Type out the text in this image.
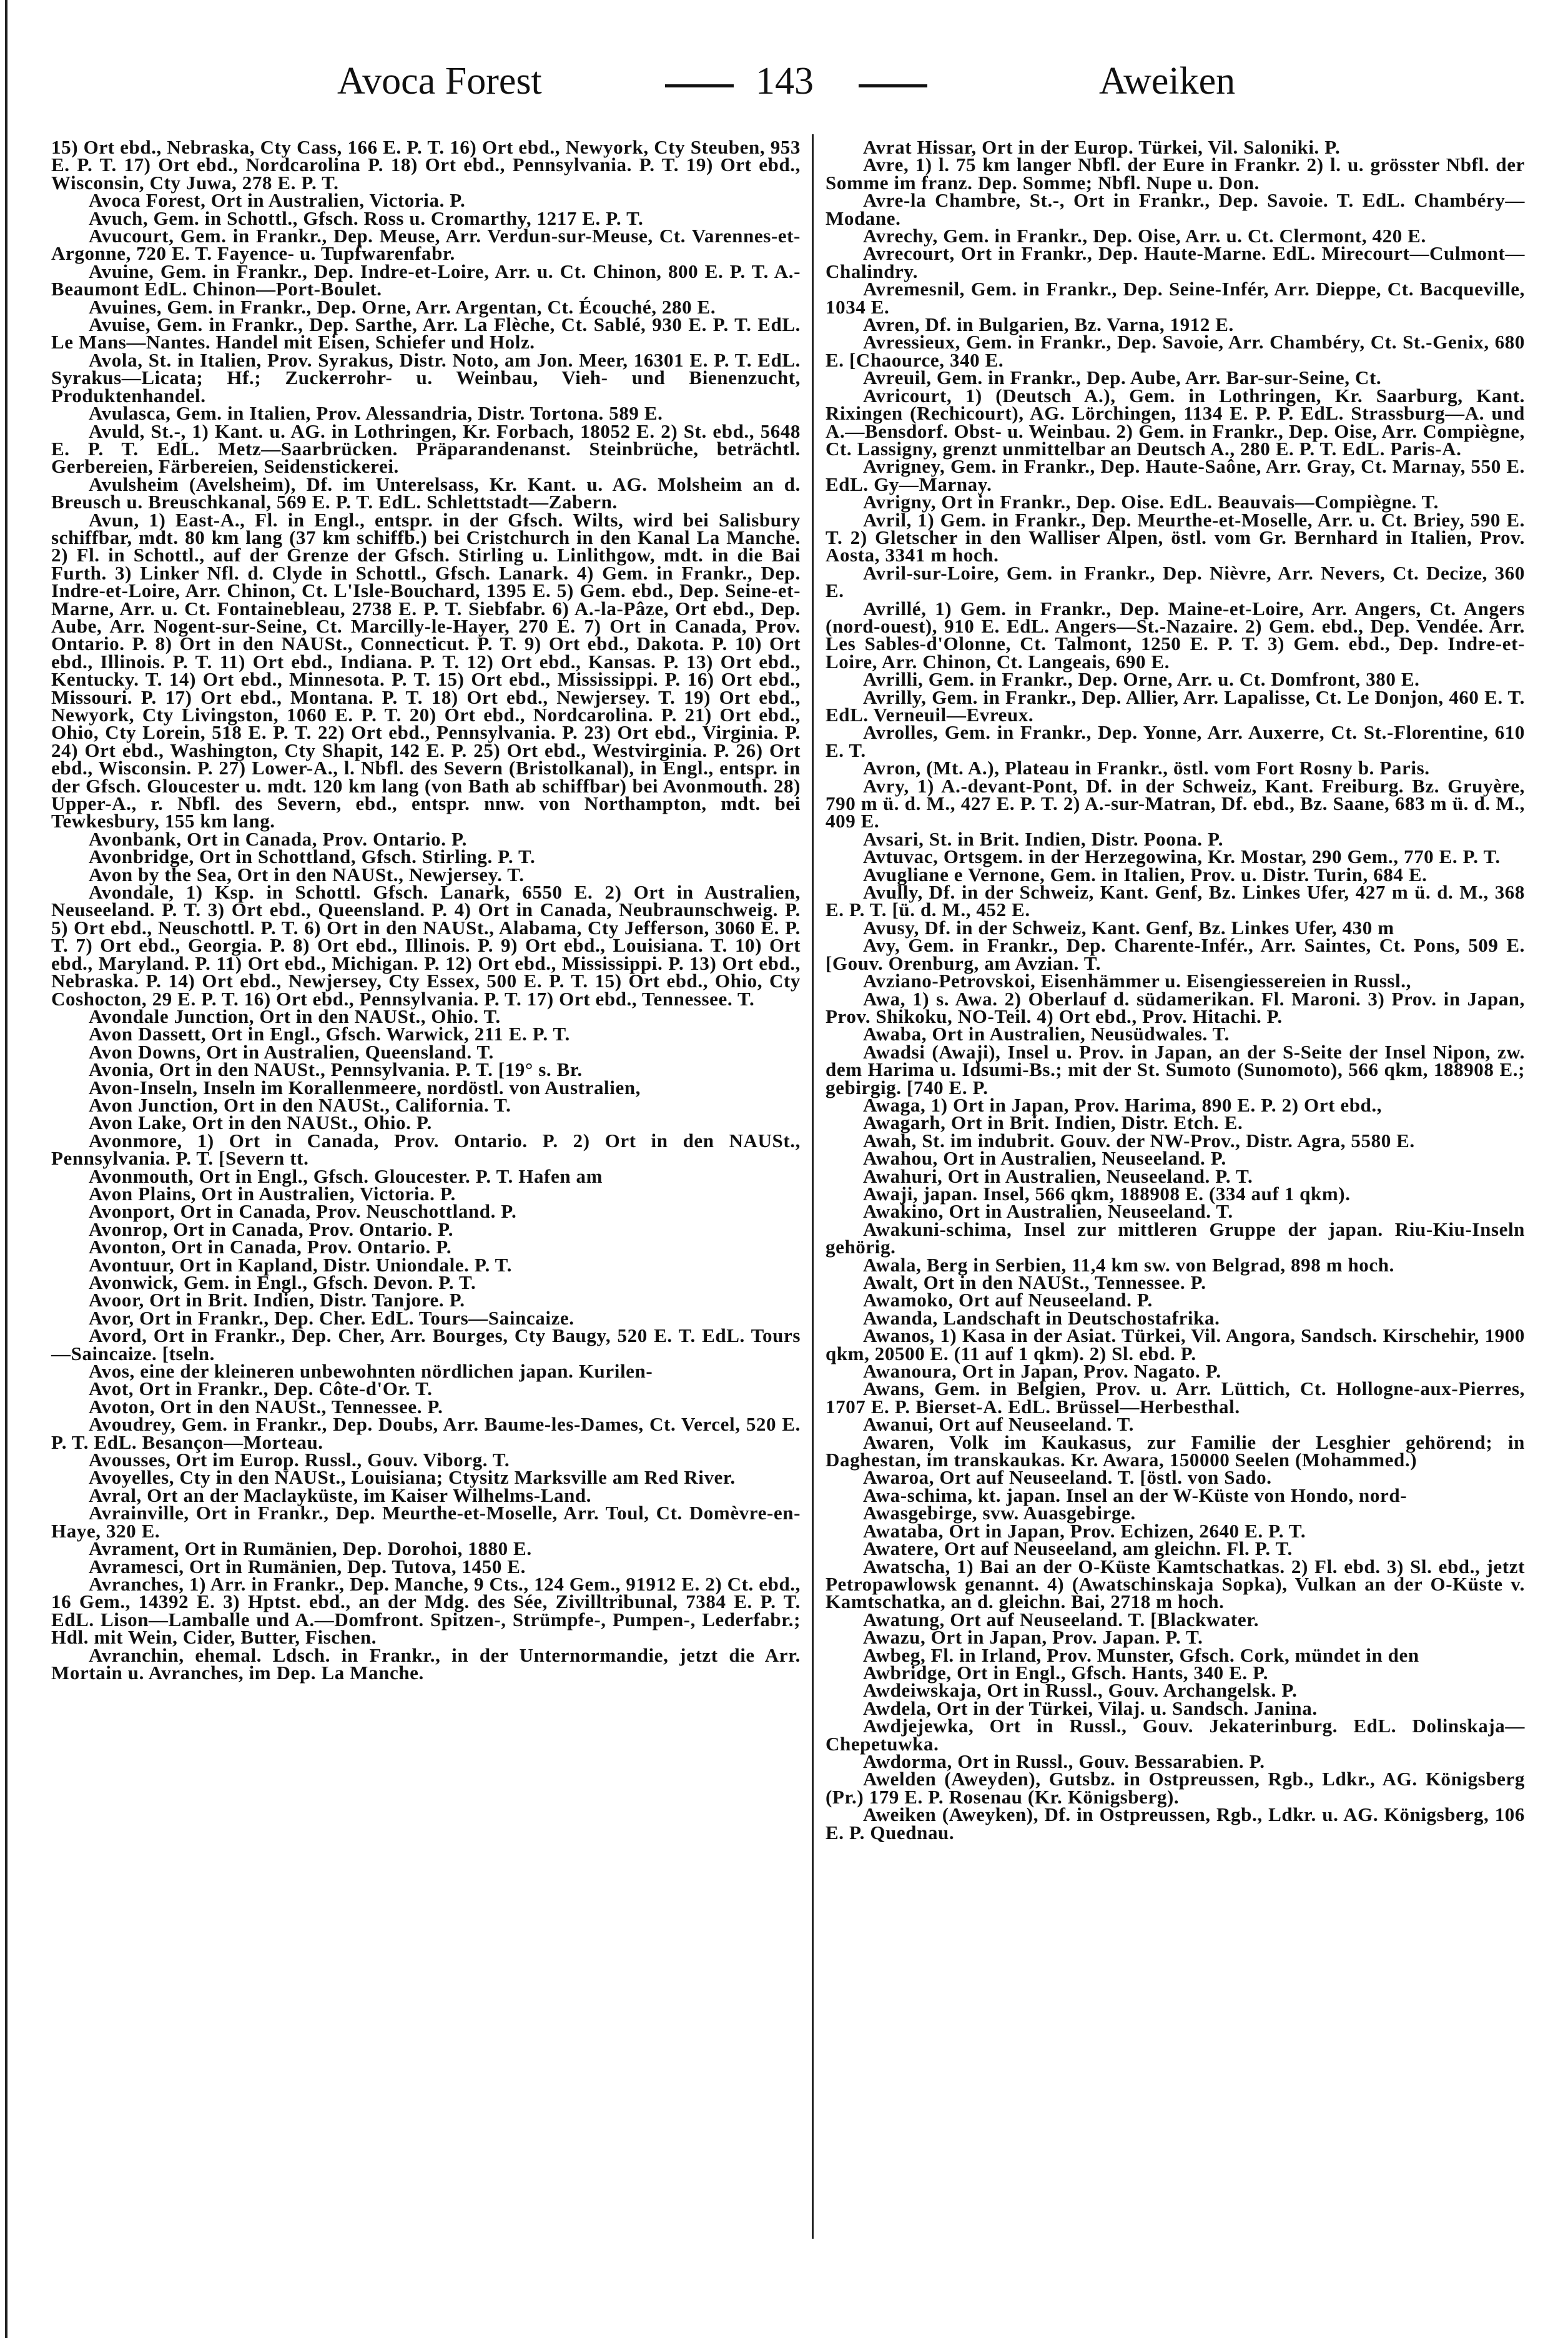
Avoca Forest	143	Aweiken

15) Ort ebd., Nebraska, Cty Cass, 166 E. P. T. 16) Ort ebd., Newyork, Cty Steuben, 953 E. P. T. 17) Ort ebd., Nordcarolina P. 18) Ort ebd., Pennsylvania. P. T. 19) Ort ebd., Wisconsin, Cty Juwa, 278 E. P. T.

Avoca Forest, Ort in Australien, Victoria. P.

Avuch, Gem. in Schottl., Gfsch. Ross u. Cromarthy, 1217 E. P. T.

Avucourt, Gem. in Frankr., Dep. Meuse, Arr. Verdun-sur-Meuse, Ct. Varennes-et-Argonne, 720 E. T. Fayence- u. Tupfwarenfabr.

Avuine, Gem. in Frankr., Dep. Indre-et-Loire, Arr. u. Ct. Chinon, 800 E. P. T. A.-Beaumont EdL. Chinon—Port-Boulet.

Avuines, Gem. in Frankr., Dep. Orne, Arr. Argentan, Ct. Écouché, 280 E.

Avuise, Gem. in Frankr., Dep. Sarthe, Arr. La Flèche, Ct. Sablé, 930 E. P. T. EdL. Le Mans—Nantes. Handel mit Eisen, Schiefer und Holz.

Avola, St. in Italien, Prov. Syrakus, Distr. Noto, am Jon. Meer, 16301 E. P. T. EdL. Syrakus—Licata; Hf.; Zuckerrohr- u. Weinbau, Vieh- und Bienenzucht, Produktenhandel.

Avulasca, Gem. in Italien, Prov. Alessandria, Distr. Tortona. 589 E.

Avuld, St.-, 1) Kant. u. AG. in Lothringen, Kr. Forbach, 18052 E. 2) St. ebd., 5648 E. P. T. EdL. Metz—Saarbrücken. Präparandenanst. Steinbrüche, beträchtl. Gerbereien, Färbereien, Seidenstickerei.

Avulsheim (Avelsheim), Df. im Unterelsass, Kr. Kant. u. AG. Molsheim an d. Breusch u. Breuschkanal, 569 E. P. T. EdL. Schlettstadt—Zabern.

Avun, 1) East-A., Fl. in Engl., entspr. in der Gfsch. Wilts, wird bei Salisbury schiffbar, mdt. 80 km lang (37 km schiffb.) bei Cristchurch in den Kanal La Manche. 2) Fl. in Schottl., auf der Grenze der Gfsch. Stirling u. Linlithgow, mdt. in die Bai Furth. 3) Linker Nfl. d. Clyde in Schottl., Gfsch. Lanark. 4) Gem. in Frankr., Dep. Indre-et-Loire, Arr. Chinon, Ct. L'Isle-Bouchard, 1395 E. 5) Gem. ebd., Dep. Seine-et-Marne, Arr. u. Ct. Fontainebleau, 2738 E. P. T. Siebfabr. 6) A.-la-Pâze, Ort ebd., Dep. Aube, Arr. Nogent-sur-Seine, Ct. Marcilly-le-Hayer, 270 E. 7) Ort in Canada, Prov. Ontario. P. 8) Ort in den NAUSt., Connecticut. P. T. 9) Ort ebd., Dakota. P. 10) Ort ebd., Illinois. P. T. 11) Ort ebd., Indiana. P. T. 12) Ort ebd., Kansas. P. 13) Ort ebd., Kentucky. T. 14) Ort ebd., Minnesota. P. T. 15) Ort ebd., Mississippi. P. 16) Ort ebd., Missouri. P. 17) Ort ebd., Montana. P. T. 18) Ort ebd., Newjersey. T. 19) Ort ebd., Newyork, Cty Livingston, 1060 E. P. T. 20) Ort ebd., Nordcarolina. P. 21) Ort ebd., Ohio, Cty Lorein, 518 E. P. T. 22) Ort ebd., Pennsylvania. P. 23) Ort ebd., Virginia. P. 24) Ort ebd., Washington, Cty Shapit, 142 E. P. 25) Ort ebd., Westvirginia. P. 26) Ort ebd., Wisconsin. P. 27) Lower-A., l. Nbfl. des Severn (Bristolkanal), in Engl., entspr. in der Gfsch. Gloucester u. mdt. 120 km lang (von Bath ab schiffbar) bei Avonmouth. 28) Upper-A., r. Nbfl. des Severn, ebd., entspr. nnw. von Northampton, mdt. bei Tewkesbury, 155 km lang.

Avonbank, Ort in Canada, Prov. Ontario. P.

Avonbridge, Ort in Schottland, Gfsch. Stirling. P. T.

Avon by the Sea, Ort in den NAUSt., Newjersey. T.

Avondale, 1) Ksp. in Schottl. Gfsch. Lanark, 6550 E. 2) Ort in Australien, Neuseeland. P. T. 3) Ort ebd., Queensland. P. 4) Ort in Canada, Neubraunschweig. P. 5) Ort ebd., Neuschottl. P. T. 6) Ort in den NAUSt., Alabama, Cty Jefferson, 3060 E. P. T. 7) Ort ebd., Georgia. P. 8) Ort ebd., Illinois. P. 9) Ort ebd., Louisiana. T. 10) Ort ebd., Maryland. P. 11) Ort ebd., Michigan. P. 12) Ort ebd., Mississippi. P. 13) Ort ebd., Nebraska. P. 14) Ort ebd., Newjersey, Cty Essex, 500 E. P. T. 15) Ort ebd., Ohio, Cty Coshocton, 29 E. P. T. 16) Ort ebd., Pennsylvania. P. T. 17) Ort ebd., Tennessee. T.

Avondale Junction, Ort in den NAUSt., Ohio. T.

Avon Dassett, Ort in Engl., Gfsch. Warwick, 211 E. P. T.

Avon Downs, Ort in Australien, Queensland. T.

Avonia, Ort in den NAUSt., Pennsylvania. P. T. [19° s. Br.

Avon-Inseln, Inseln im Korallenmeere, nordöstl. von Australien,

Avon Junction, Ort in den NAUSt., California. T.

Avon Lake, Ort in den NAUSt., Ohio. P.

Avonmore, 1) Ort in Canada, Prov. Ontario. P. 2) Ort in den NAUSt., Pennsylvania. P. T. [Severn tt.

Avonmouth, Ort in Engl., Gfsch. Gloucester. P. T. Hafen am

Avon Plains, Ort in Australien, Victoria. P.

Avonport, Ort in Canada, Prov. Neuschottland. P.

Avonrop, Ort in Canada, Prov. Ontario. P.

Avonton, Ort in Canada, Prov. Ontario. P.

Avontuur, Ort in Kapland, Distr. Uniondale. P. T.

Avonwick, Gem. in Engl., Gfsch. Devon. P. T.

Avoor, Ort in Brit. Indien, Distr. Tanjore. P.

Avor, Ort in Frankr., Dep. Cher. EdL. Tours—Saincaize.

Avord, Ort in Frankr., Dep. Cher, Arr. Bourges, Cty Baugy, 520 E. T. EdL. Tours—Saincaize. [tseln.

Avos, eine der kleineren unbewohnten nördlichen japan. Kurilen-

Avot, Ort in Frankr., Dep. Côte-d'Or. T.

Avoton, Ort in den NAUSt., Tennessee. P.

Avoudrey, Gem. in Frankr., Dep. Doubs, Arr. Baume-les-Dames, Ct. Vercel, 520 E. P. T. EdL. Besançon—Morteau.

Avousses, Ort im Europ. Russl., Gouv. Viborg. T.

Avoyelles, Cty in den NAUSt., Louisiana; Ctysitz Marksville am Red River.

Avral, Ort an der Maclayküste, im Kaiser Wilhelms-Land.

Avrainville, Ort in Frankr., Dep. Meurthe-et-Moselle, Arr. Toul, Ct. Domèvre-en-Haye, 320 E.

Avrament, Ort in Rumänien, Dep. Dorohoi, 1880 E.

Avramesci, Ort in Rumänien, Dep. Tutova, 1450 E.

Avranches, 1) Arr. in Frankr., Dep. Manche, 9 Cts., 124 Gem., 91912 E. 2) Ct. ebd., 16 Gem., 14392 E. 3) Hptst. ebd., an der Mdg. des Sée, Zivilltribunal, 7384 E. P. T. EdL. Lison—Lamballe und A.—Domfront. Spitzen-, Strümpfe-, Pumpen-, Lederfabr.; Hdl. mit Wein, Cider, Butter, Fischen.

Avranchin, ehemal. Ldsch. in Frankr., in der Unternormandie, jetzt die Arr. Mortain u. Avranches, im Dep. La Manche.

Avrat Hissar, Ort in der Europ. Türkei, Vil. Saloniki. P.

Avre, 1) l. 75 km langer Nbfl. der Eure in Frankr. 2) l. u. grösster Nbfl. der Somme im franz. Dep. Somme; Nbfl. Nupe u. Don.

Avre-la Chambre, St.-, Ort in Frankr., Dep. Savoie. T. EdL. Chambéry—Modane.

Avrechy, Gem. in Frankr., Dep. Oise, Arr. u. Ct. Clermont, 420 E.

Avrecourt, Ort in Frankr., Dep. Haute-Marne. EdL. Mirecourt—Culmont—Chalindry.

Avremesnil, Gem. in Frankr., Dep. Seine-Infér, Arr. Dieppe, Ct. Bacqueville, 1034 E.

Avren, Df. in Bulgarien, Bz. Varna, 1912 E.

Avressieux, Gem. in Frankr., Dep. Savoie, Arr. Chambéry, Ct. St.-Genix, 680 E. [Chaource, 340 E.

Avreuil, Gem. in Frankr., Dep. Aube, Arr. Bar-sur-Seine, Ct.

Avricourt, 1) (Deutsch A.), Gem. in Lothringen, Kr. Saarburg, Kant. Rixingen (Rechicourt), AG. Lörchingen, 1134 E. P. P. EdL. Strassburg—A. und A.—Bensdorf. Obst- u. Weinbau. 2) Gem. in Frankr., Dep. Oise, Arr. Compiègne, Ct. Lassigny, grenzt unmittelbar an Deutsch A., 280 E. P. T. EdL. Paris-A.

Avrigney, Gem. in Frankr., Dep. Haute-Saône, Arr. Gray, Ct. Marnay, 550 E. EdL. Gy—Marnay.

Avrigny, Ort in Frankr., Dep. Oise. EdL. Beauvais—Compiègne. T.

Avril, 1) Gem. in Frankr., Dep. Meurthe-et-Moselle, Arr. u. Ct. Briey, 590 E. T. 2) Gletscher in den Walliser Alpen, östl. vom Gr. Bernhard in Italien, Prov. Aosta, 3341 m hoch.

Avril-sur-Loire, Gem. in Frankr., Dep. Nièvre, Arr. Nevers, Ct. Decize, 360 E.

Avrillé, 1) Gem. in Frankr., Dep. Maine-et-Loire, Arr. Angers, Ct. Angers (nord-ouest), 910 E. EdL. Angers—St.-Nazaire. 2) Gem. ebd., Dep. Vendée. Arr. Les Sables-d'Olonne, Ct. Talmont, 1250 E. P. T. 3) Gem. ebd., Dep. Indre-et-Loire, Arr. Chinon, Ct. Langeais, 690 E.

Avrilli, Gem. in Frankr., Dep. Orne, Arr. u. Ct. Domfront, 380 E.

Avrilly, Gem. in Frankr., Dep. Allier, Arr. Lapalisse, Ct. Le Donjon, 460 E. T. EdL. Verneuil—Evreux.

Avrolles, Gem. in Frankr., Dep. Yonne, Arr. Auxerre, Ct. St.-Florentine, 610 E. T.

Avron, (Mt. A.), Plateau in Frankr., östl. vom Fort Rosny b. Paris.

Avry, 1) A.-devant-Pont, Df. in der Schweiz, Kant. Freiburg. Bz. Gruyère, 790 m ü. d. M., 427 E. P. T. 2) A.-sur-Matran, Df. ebd., Bz. Saane, 683 m ü. d. M., 409 E.

Avsari, St. in Brit. Indien, Distr. Poona. P.

Avtuvac, Ortsgem. in der Herzegowina, Kr. Mostar, 290 Gem., 770 E. P. T.

Avugliane e Vernone, Gem. in Italien, Prov. u. Distr. Turin, 684 E.

Avully, Df. in der Schweiz, Kant. Genf, Bz. Linkes Ufer, 427 m ü. d. M., 368 E. P. T. [ü. d. M., 452 E.

Avusy, Df. in der Schweiz, Kant. Genf, Bz. Linkes Ufer, 430 m

Avy, Gem. in Frankr., Dep. Charente-Infér., Arr. Saintes, Ct. Pons, 509 E. [Gouv. Orenburg, am Avzian. T.

Avziano-Petrovskoi, Eisenhämmer u. Eisengiessereien in Russl.,

Awa, 1) s. Awa. 2) Oberlauf d. südamerikan. Fl. Maroni. 3) Prov. in Japan, Prov. Shikoku, NO-Teil. 4) Ort ebd., Prov. Hitachi. P.

Awaba, Ort in Australien, Neusüdwales. T.

Awadsi (Awaji), Insel u. Prov. in Japan, an der S-Seite der Insel Nipon, zw. dem Harima u. Idsumi-Bs.; mit der St. Sumoto (Sunomoto), 566 qkm, 188908 E.; gebirgig. [740 E. P.

Awaga, 1) Ort in Japan, Prov. Harima, 890 E. P. 2) Ort ebd.,

Awagarh, Ort in Brit. Indien, Distr. Etch. E.

Awah, St. im indubrit. Gouv. der NW-Prov., Distr. Agra, 5580 E.

Awahou, Ort in Australien, Neuseeland. P.

Awahuri, Ort in Australien, Neuseeland. P. T.

Awaji, japan. Insel, 566 qkm, 188908 E. (334 auf 1 qkm).

Awakino, Ort in Australien, Neuseeland. T.

Awakuni-schima, Insel zur mittleren Gruppe der japan. Riu-Kiu-Inseln gehörig.

Awala, Berg in Serbien, 11,4 km sw. von Belgrad, 898 m hoch.

Awalt, Ort in den NAUSt., Tennessee. P.

Awamoko, Ort auf Neuseeland. P.

Awanda, Landschaft in Deutschostafrika.

Awanos, 1) Kasa in der Asiat. Türkei, Vil. Angora, Sandsch. Kirschehir, 1900 qkm, 20500 E. (11 auf 1 qkm). 2) Sl. ebd. P.

Awanoura, Ort in Japan, Prov. Nagato. P.

Awans, Gem. in Belgien, Prov. u. Arr. Lüttich, Ct. Hollogne-aux-Pierres, 1707 E. P. Bierset-A. EdL. Brüssel—Herbesthal.

Awanui, Ort auf Neuseeland. T.

Awaren, Volk im Kaukasus, zur Familie der Lesghier gehörend; in Daghestan, im transkaukas. Kr. Awara, 150000 Seelen (Mohammed.)

Awaroa, Ort auf Neuseeland. T. [östl. von Sado.

Awa-schima, kt. japan. Insel an der W-Küste von Hondo, nord-

Awasgebirge, svw. Auasgebirge.

Awataba, Ort in Japan, Prov. Echizen, 2640 E. P. T.

Awatere, Ort auf Neuseeland, am gleichn. Fl. P. T.

Awatscha, 1) Bai an der O-Küste Kamtschatkas. 2) Fl. ebd. 3) Sl. ebd., jetzt Petropawlowsk genannt. 4) (Awatschinskaja Sopka), Vulkan an der O-Küste v. Kamtschatka, an d. gleichn. Bai, 2718 m hoch.

Awatung, Ort auf Neuseeland. T. [Blackwater.

Awazu, Ort in Japan, Prov. Japan. P. T.

Awbeg, Fl. in Irland, Prov. Munster, Gfsch. Cork, mündet in den

Awbridge, Ort in Engl., Gfsch. Hants, 340 E. P.

Awdeiwskaja, Ort in Russl., Gouv. Archangelsk. P.

Awdela, Ort in der Türkei, Vilaj. u. Sandsch. Janina.

Awdjejewka, Ort in Russl., Gouv. Jekaterinburg. EdL. Dolinskaja—Chepetuwka.

Awdorma, Ort in Russl., Gouv. Bessarabien. P.

Awelden (Aweyden), Gutsbz. in Ostpreussen, Rgb., Ldkr., AG. Königsberg (Pr.) 179 E. P. Rosenau (Kr. Königsberg).

Aweiken (Aweyken), Df. in Ostpreussen, Rgb., Ldkr. u. AG. Königsberg, 106 E. P. Quednau.
